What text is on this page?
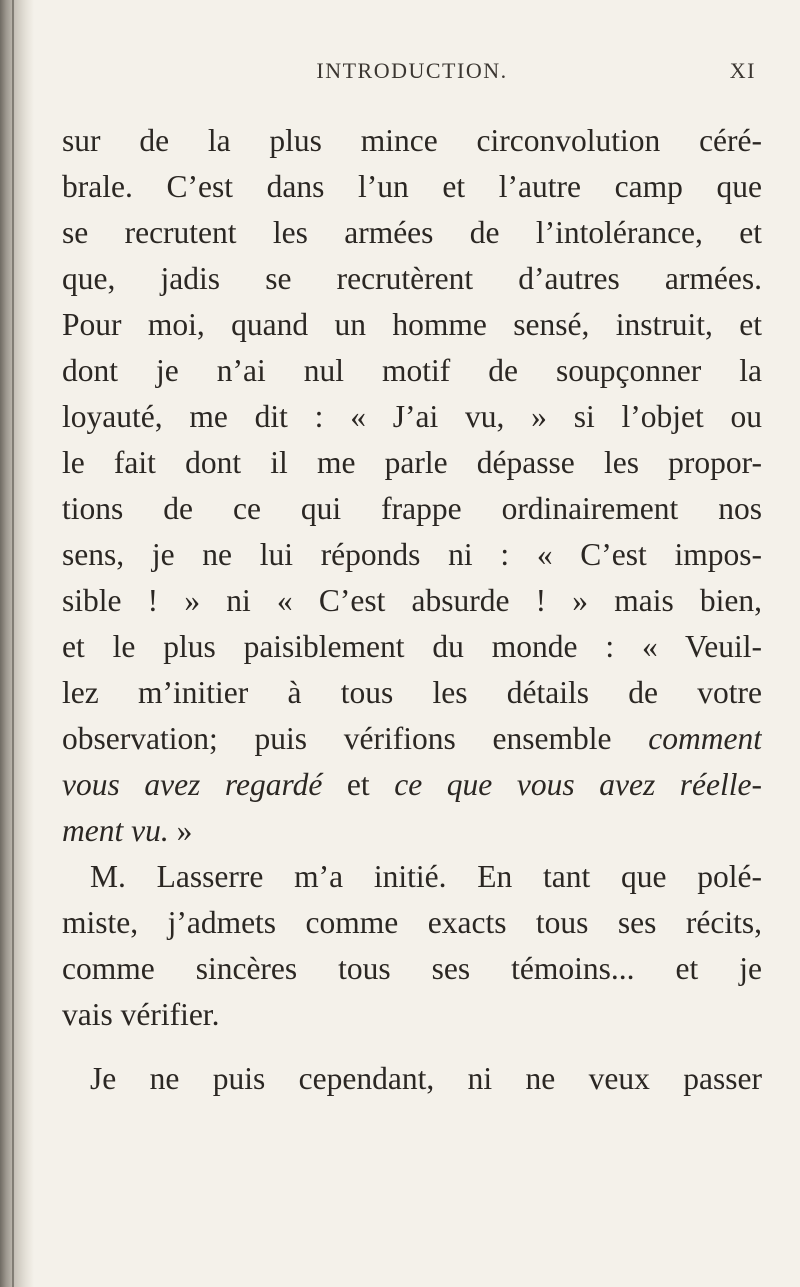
INTRODUCTION.	XI
sur de la plus mince circonvolution céré-
brale. C’est dans l’un et l’autre camp que
se recrutent les armées de l’intolérance, et
que, jadis se recrutèrent d’autres armées.
Pour moi, quand un homme sensé, instruit, et
dont je n’ai nul motif de soupçonner la
loyauté, me dit : « J’ai vu, » si l’objet ou
le fait dont il me parle dépasse les propor-
tions de ce qui frappe ordinairement nos
sens, je ne lui réponds ni : « C’est impos-
sible ! » ni « C’est absurde ! » mais bien,
et le plus paisiblement du monde : « Veuil-
lez m’initier à tous les détails de votre
observation; puis vérifions ensemble comment
vous avez regardé et ce que vous avez réelle-
ment vu. »
M. Lasserre m’a initié. En tant que polé-
miste, j’admets comme exacts tous ses récits,
comme sincères tous ses témoins... et je
vais vérifier.
Je ne puis cependant, ni ne veux passer
